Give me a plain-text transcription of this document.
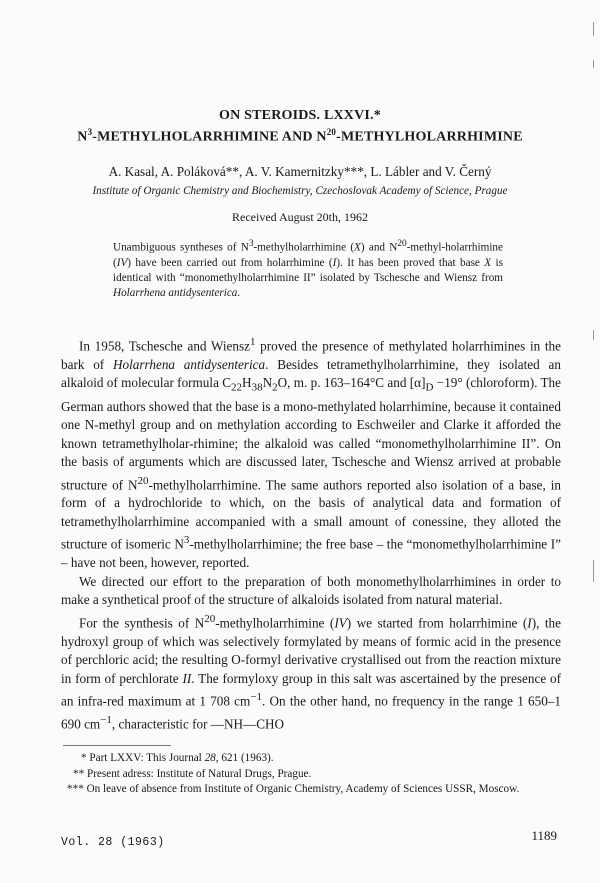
ON STEROIDS. LXXVI.*
$N^3$-METHYLHOLARRHIMINE AND $N^{20}$-METHYLHOLARRHIMINE
A. Kasal, A. Poláková**, A. V. Kamernitzky***, L. Lábler and V. Černý
Institute of Organic Chemistry and Biochemistry, Czechoslovak Academy of Science, Prague
Received August 20th, 1962
Unambiguous syntheses of $N^3$-methylholarrhimine (X) and $N^{20}-methyl$-holarrhimine (IV) have been carried out from holarrhimine (I). It has been proved that base X is identical with “monomethylholarrhimine II” isolated by Tschesche and Wiensz from Holarrhena antidysenterica.

In 1958, Tschesche and Wiensz$^1$ proved the presence of methylated holarrhimines in the bark of Holarrhena antidysenterica. Besides tetramethylholarrhimine, they isolated an alkaloid of molecular formula $C_{22}H_{38}N_2O$, m. p. 163–164°C and $[\alpha]_D -19^\circ$ (chloroform). The German authors showed that the base is a mono-methylated holarrhimine, because it contained one N-methyl group and on methylation according to Eschweiler and Clarke it afforded the known tetramethylholar-rhimine; the alkaloid was called “monomethylholarrhimine II”. On the basis of arguments which are discussed later, Tschesche and Wiensz arrived at probable structure of $N^{20}$-methylholarrhimine. The same authors reported also isolation of a base, in form of a hydrochloride to which, on the basis of analytical data and formation of tetramethylholarrhimine accompanied with a small amount of conessine, they alloted the structure of isomeric $N^3$-methylholarrhimine; the free base – the “monomethylholarrhimine I” – have not been, however, reported.

We directed our effort to the preparation of both monomethylholarrhimines in order to make a synthetical proof of the structure of alkaloids isolated from natural material.

For the synthesis of $N^{20}$-methylholarrhimine (IV) we started from holarrhimine (I), the hydroxyl group of which was selectively formylated by means of formic acid in the presence of perchloric acid; the resulting O-formyl derivative crystallised out from the reaction mixture in form of perchlorate II. The formyloxy group in this salt was ascertained by the presence of an infra-red maximum at 1 708 $cm^{-1}$. On the other hand, no frequency in the range 1 650–1 690 $cm^{-1}$, characteristic for —NH—CHO

* Part LXXV: This Journal 28, 621 (1963).
** Present adress: Institute of Natural Drugs, Prague.
*** On leave of absence from Institute of Organic Chemistry, Academy of Sciences USSR, Moscow.
Vol. 28 (1963)	1189
